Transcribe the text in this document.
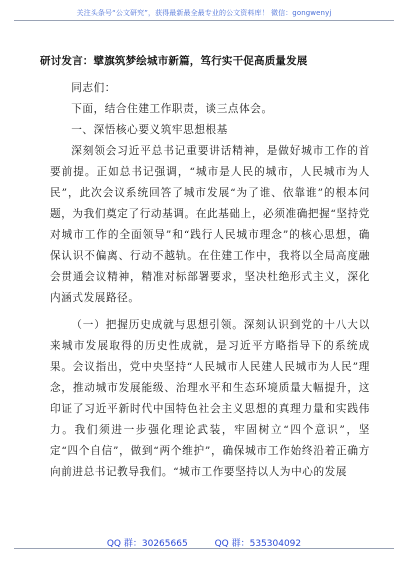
关注头条号“公文研究”，获得最新最全最专业的公文资料库！ 微信：gongwenyj

研讨发言：擘旗筑梦绘城市新篇，笃行实干促高质量发展

同志们：

下面，结合住建工作职责，谈三点体会。

一、深悟核心要义筑牢思想根基

深刻领会习近平总书记重要讲话精神，是做好城市工作的首要前提。正如总书记强调，“城市是人民的城市，人民城市为人民”，此次会议系统回答了城市发展“为了谁、依靠谁”的根本问题，为我们奠定了行动基调。在此基础上，必须准确把握“坚持党对城市工作的全面领导”和“践行人民城市理念”的核心思想，确保认识不偏离、行动不越轨。在住建工作中，我将以全局高度融会贯通会议精神，精准对标部署要求，坚决杜绝形式主义，深化内涵式发展路径。

（一）把握历史成就与思想引领。深刻认识到党的十八大以来城市发展取得的历史性成就，是习近平方略指导下的系统成果。会议指出，党中央坚持“人民城市人民建人民城市为人民”理念，推动城市发展能级、治理水平和生态环境质量大幅提升，这印证了习近平新时代中国特色社会主义思想的真理力量和实践伟力。我们须进一步强化理论武装，牢固树立“四个意识”，坚定“四个自信”，做到“两个维护”，确保城市工作始终沿着正确方向前进总书记教导我们。“城市工作要坚持以人为中心的发展

QQ 群：30265665	QQ 群：535304092
